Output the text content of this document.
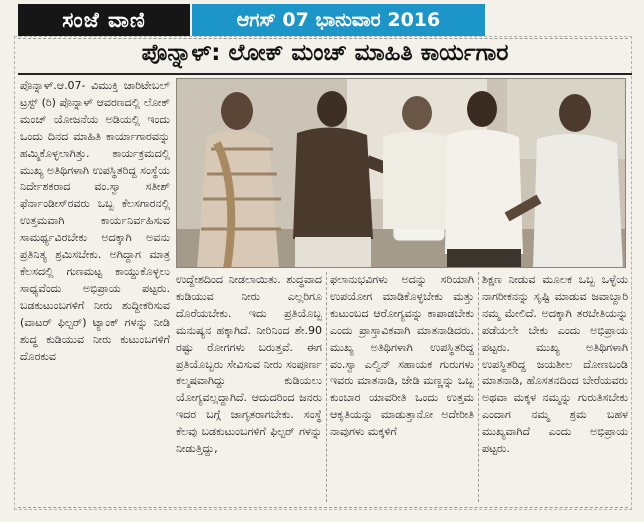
ಸಂಜೆ ವಾಣಿ	ಆಗಸ್ 07 ಭಾನುವಾರ 2016
ಪೊನ್ನಾಳ್: ಲೋಕ್ ಮಂಚ್ ಮಾಹಿತಿ ಕಾರ್ಯಗಾರ
ಪೊನ್ನಾಳ್.ಆ.07- ವಿಮುಕ್ತಿ ಚಾರಿಟೇಬಲ್ ಟ್ರಸ್ಟ್ (ರಿ) ಪೊನ್ನಾಳ್ ಆವರಣದಲ್ಲಿ ಲೋಕ್ ಮಂಚ್ ಯೋಜನೆಯ ಅಡಿಯಲ್ಲಿ ಇಂದು ಒಂದು ದಿನದ ಮಾಹಿತಿ ಕಾರ್ಯಾಗಾರವನ್ನು ಹಮ್ಮಿಕೊಳ್ಳಲಾಗಿತ್ತು. ಕಾರ್ಯಕ್ರಮದಲ್ಲಿ ಮುಖ್ಯ ಅತಿಥಿಗಳಾಗಿ ಉಪಸ್ಥಿತರಿದ್ದ ಸಂಸ್ಥೆಯ ನಿರ್ದೇಶಕರಾದ ವಂ.ಸ್ವಾ ಸತೀಶ್ ಫೆರ್ನಾಂಡೀಸ್‌ರವರು ಒಬ್ಬ ಕೆಲಸಗಾರನಲ್ಲಿ ಉತ್ತಮವಾಗಿ ಕಾರ್ಯನಿರ್ವಹಿಸುವ ಸಾಮರ್ಥ್ಯವಿರಬೇಕು ಅದಕ್ಕಾಗಿ ಅವನು ಪ್ರತಿನಿತ್ಯ ಶ್ರಮಿಸಬೇಕು. ಅಗಿದ್ದಾಗ ಮಾತ್ರ ಕೆಲಸದಲ್ಲಿ ಗುಣಮಟ್ಟ ಕಾಯ್ದುಕೊಳ್ಳಲು ಸಾಧ್ಯವೆಂದು ಅಭಿಪ್ರಾಯ ಪಟ್ಟರು. ಬಡಕುಟುಂಬಗಳಿಗೆ ನೀರು ಶುದ್ದೀಕರಿಸುವ (ವಾಟರ್ ಫಿಲ್ಟರ್) ಟ್ಯಾಂಕ್ ಗಳನ್ನು ನೀಡಿ ಶುದ್ಧ ಕುಡಿಯುವ ನೀರು ಕುಟುಂಬಗಳಿಗೆ ದೊರಕುವ
ಉದ್ದೇಶದಿಂದ ನೀಡಲಾಯಿತು. ಶುದ್ಧವಾದ ಕುಡಿಯುವ ನೀರು ಎಲ್ಲರಿಗೂ ದೊರೆಯಬೇಕು. ಇದು ಪ್ರತಿಯೊಬ್ಬ ಮನುಷ್ಯನ ಹಕ್ಕಾಗಿದೆ. ನೀರಿನಿಂದ ಶೇ.90 ರಷ್ಟು ರೋಗಗಳು ಬರುತ್ತವೆ. ಈಗ ಪ್ರತಿಯೊಬ್ಬರು ಸೇವಿಸುವ ನೀರು ಸಂಪೂರ್ಣ ಕಲ್ಮಷವಾಗಿದ್ದು ಕುಡಿಯಲು ಯೋಗ್ಯವಲ್ಲದ್ದಾಗಿದೆ. ಆದುದರಿಂದ ಜನರು ಇದರ ಬಗ್ಗೆ ಜಾಗೃತರಾಗಬೇಕು. ಸಂಸ್ಥೆ ಕೆಲವು ಬಡಕುಟುಂಬಗಳಿಗೆ ಫಿಲ್ಟರ್ ಗಳನ್ನು ನೀಡುತ್ತಿದ್ದು,
ಫಲಾನುಭವಿಗಳು ಅದನ್ನು ಸರಿಯಾಗಿ ಉಪಯೋಗ ಮಾಡಿಕೊಳ್ಳಬೇಕು ಮತ್ತು ಕುಟುಂಬದ ಆರೋಗ್ಯವನ್ನು ಕಾಪಾಡಬೇಕು ಎಂದು ಪ್ರಾಸ್ತಾವಿಕವಾಗಿ ಮಾತನಾಡಿದರು. ಮುಖ್ಯ ಅತಿಥಿಗಳಾಗಿ ಉಪಸ್ಥಿತರಿದ್ದ ವಂ.ಸ್ವಾ ಎಲ್ವಿನ್ ಸಹಾಯಕ ಗುರುಗಳು ಇವರು ಮಾತನಾಡಿ, ಜೇಡಿ ಮಣ್ಣನ್ನು ಒಬ್ಬ ಕುಂಬಾರ ಯಾವರೀತಿ ಒಂದು ಉತ್ತಮ ಆಕೃತಿಯನ್ನು ಮಾಡುತ್ತಾನೋ ಅದೇರೀತಿ ನಾವುಗಳು ಮಕ್ಕಳಿಗೆ
ಶಿಕ್ಷಣ ನೀಡುವ ಮೂಲಕ ಒಬ್ಬ ಒಳ್ಳೆಯ ನಾಗರೀಕನನ್ನು ಸೃಷ್ಟಿ ಮಾಡುವ ಜವಾಬ್ದಾರಿ ನಮ್ಮ ಮೇಲಿದೆ. ಅದಕ್ಕಾಗಿ ತರಬೇತಿಯನ್ನು ಪಡೆಯಲೇ ಬೇಕು ಎಂದು ಅಭಿಪ್ರಾಯ ಪಟ್ಟರು. ಮುಖ್ಯ ಅತಿಥಿಗಳಾಗಿ ಉಪಸ್ಥಿತರಿದ್ದ ಜಯಶೀಲ ದೋಣಬಂಡಿ ಮಾತನಾಡಿ, ಹೊಸತನದಿಂದ ಬೇರೆಯವರು ಅಥವಾ ಮಕ್ಕಳ ನಮ್ಮನ್ನು ಗುರುತಿಸಬೇಕು ಎಂದಾಗ ನಮ್ಮ ಶ್ರಮ ಬಹಳ ಮುಖ್ಯವಾಗಿದೆ ಎಂದು ಅಭಿಪ್ರಾಯ ಪಟ್ಟರು.
